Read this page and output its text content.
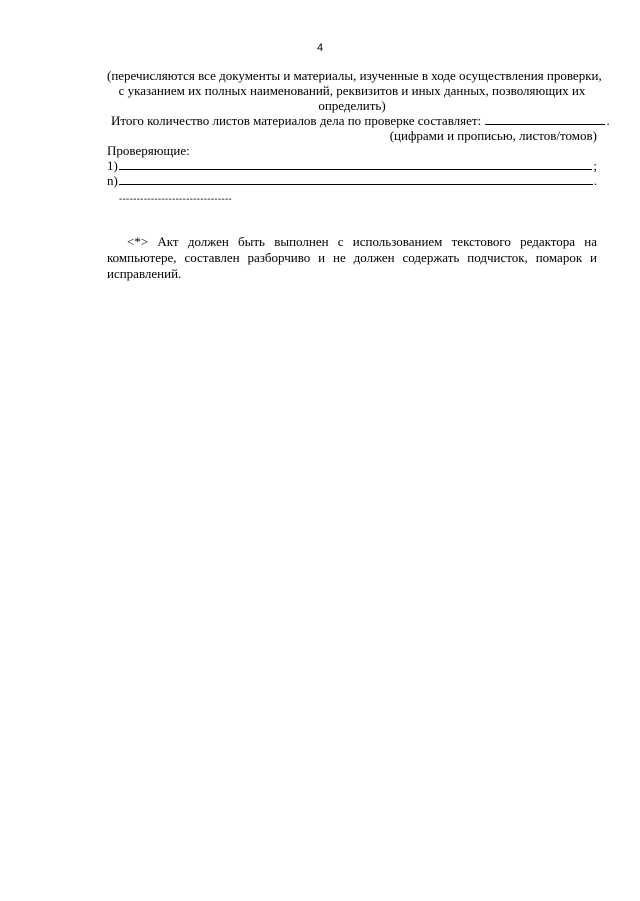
4
(перечисляются все документы и материалы, изученные в ходе осуществления проверки,
с указанием их полных наименований, реквизитов и иных данных, позволяющих их
определить)
Итого количество листов материалов дела по проверке составляет:	.
(цифрами и прописью, листов/томов)
Проверяющие:
1)	;
n)	.
--------------------------------
<*> Акт должен быть выполнен с использованием текстового редактора на компьютере, составлен разборчиво и не должен содержать подчисток, помарок и исправлений.
